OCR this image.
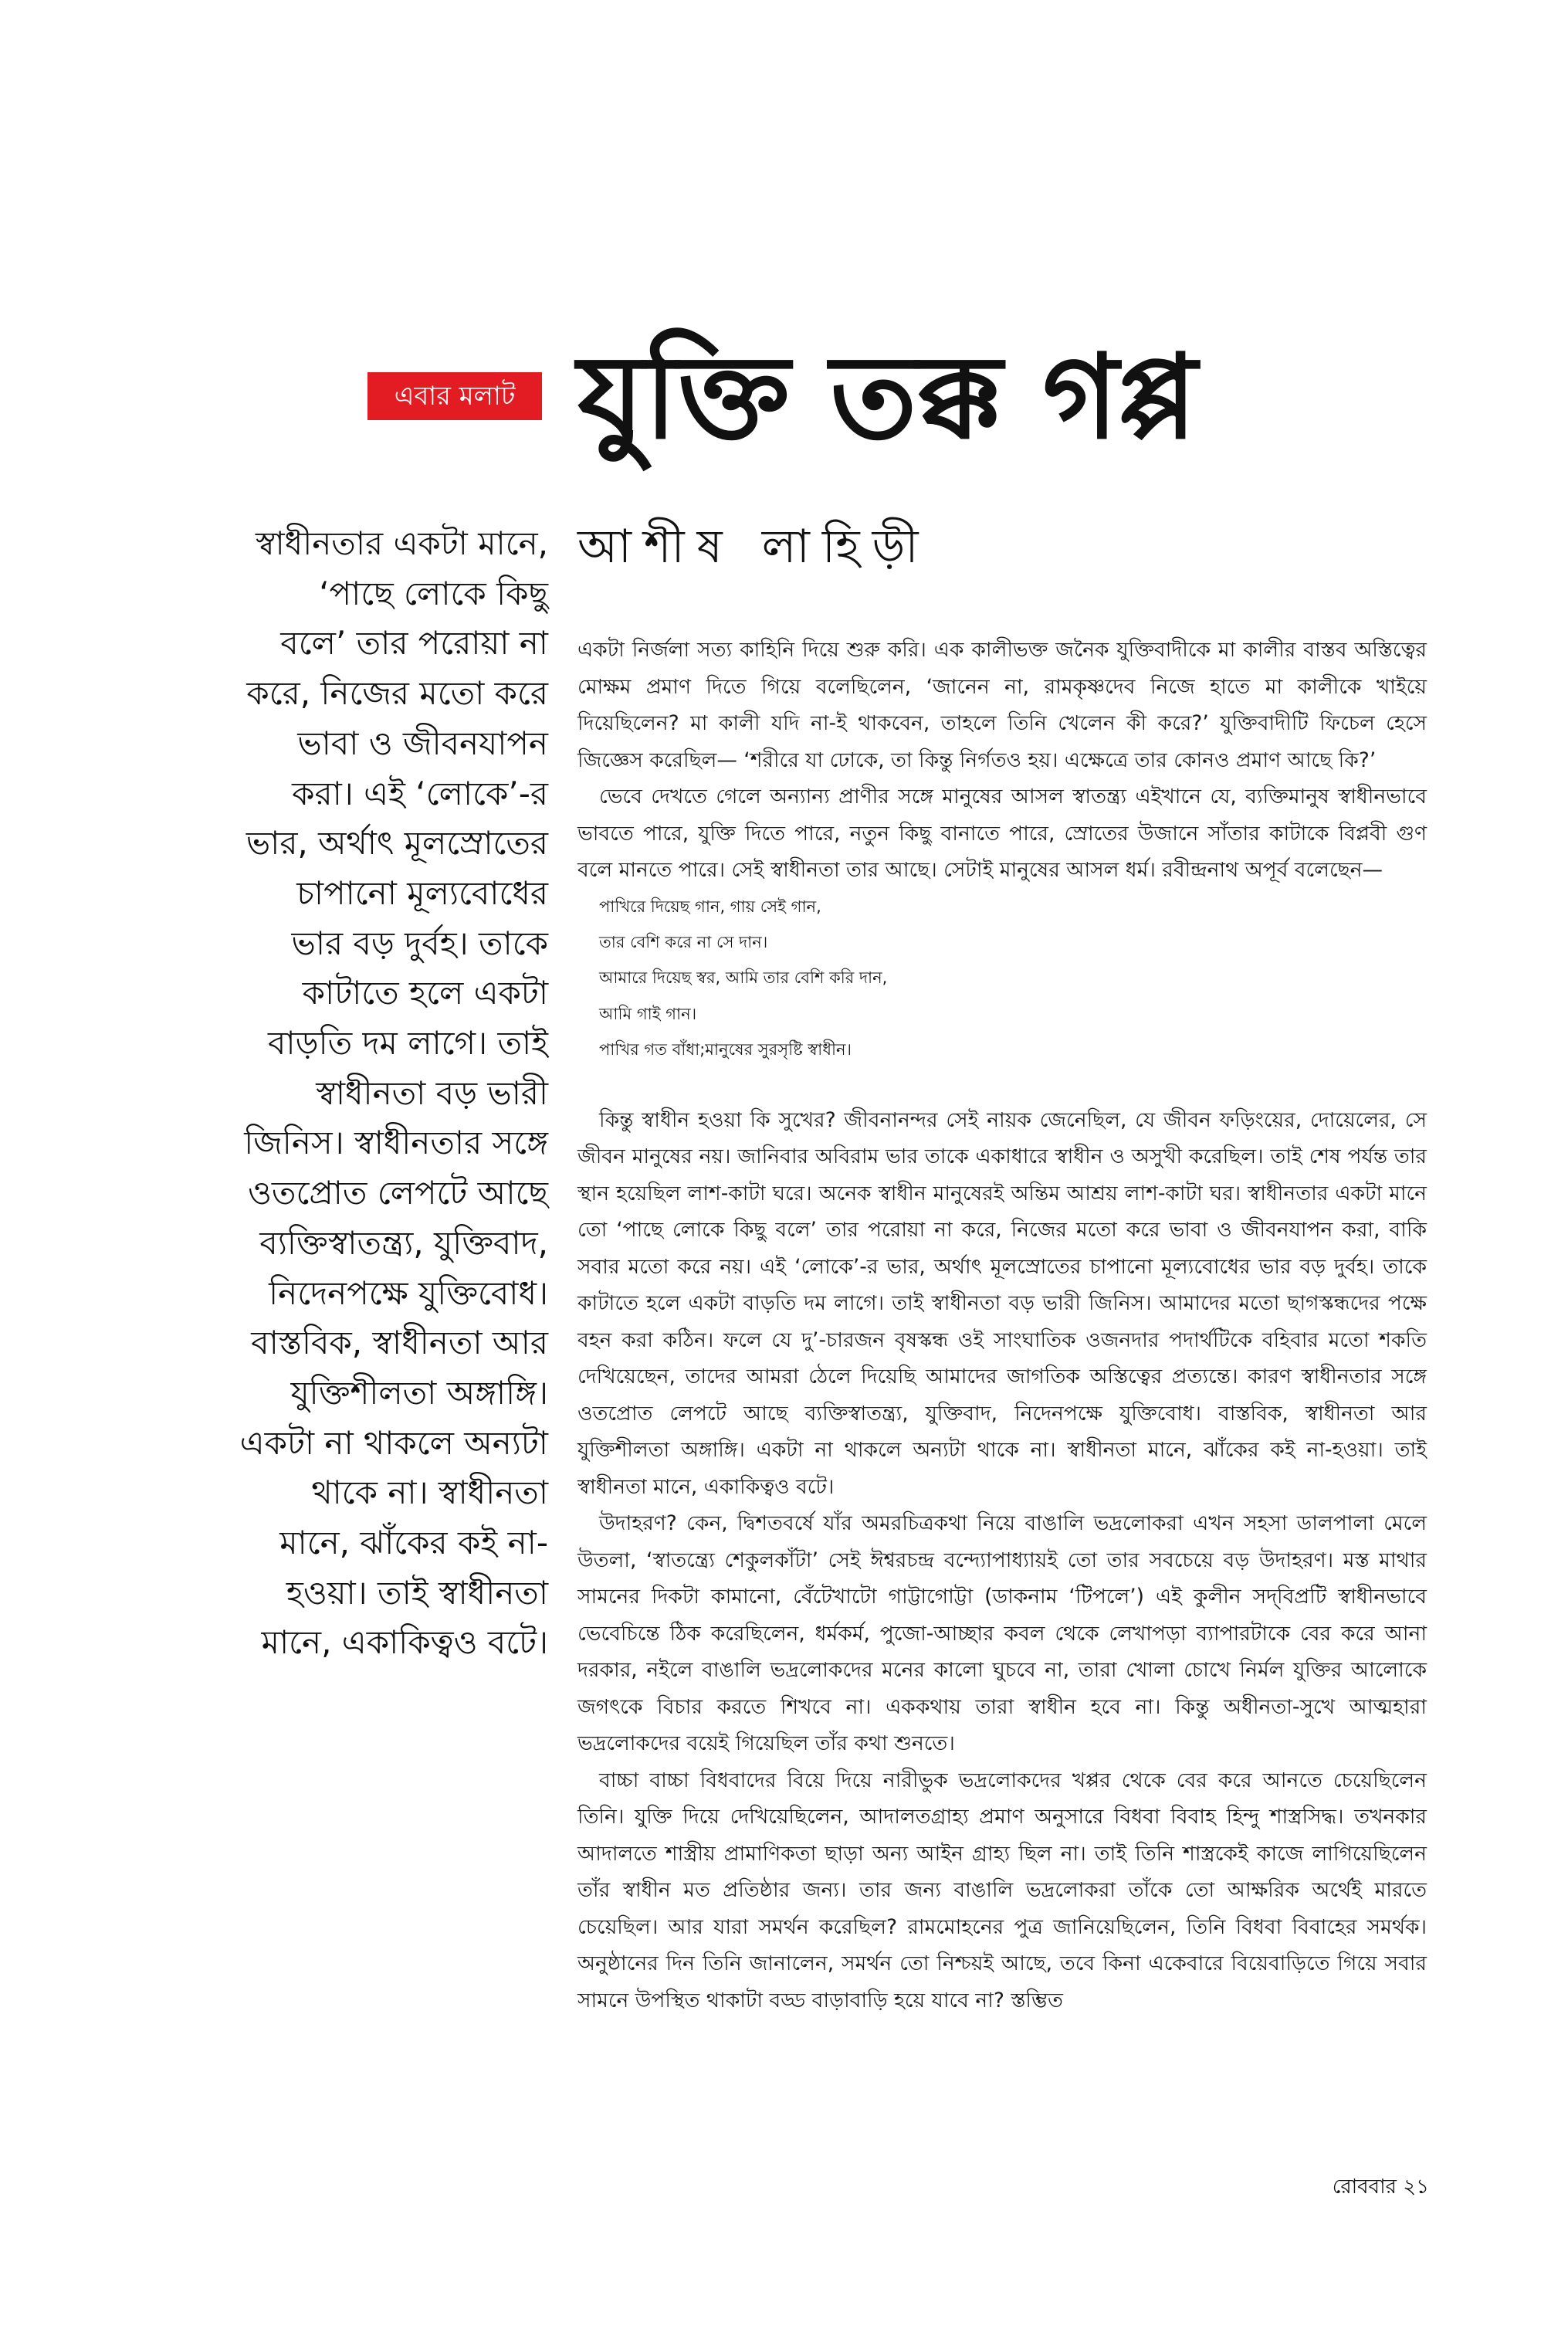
এবার মলাট যুক্তি তক্ক গপ্প
আশীষ লাহিড়ী
স্বাধীনতার একটা মানে,
‘পাছে লোকে কিছু
বলে’ তার পরোয়া না
করে, নিজের মতো করে
ভাবা ও জীবনযাপন
করা। এই ‘লোকে’-র
ভার, অর্থাৎ মূলস্রোতের
চাপানো মূল্যবোধের
ভার বড় দুর্বহ। তাকে
কাটাতে হলে একটা
বাড়তি দম লাগে। তাই
স্বাধীনতা বড় ভারী
জিনিস। স্বাধীনতার সঙ্গে
ওতপ্রোত লেপটে আছে
ব্যক্তিস্বাতন্ত্র্য, যুক্তিবাদ,
নিদেনপক্ষে যুক্তিবোধ।
বাস্তবিক, স্বাধীনতা আর
যুক্তিশীলতা অঙ্গাঙ্গি।
একটা না থাকলে অন্যটা
থাকে না। স্বাধীনতা
মানে, ঝাঁকের কই না-
হওয়া। তাই স্বাধীনতা
মানে, একাকিত্বও বটে।

একটা নির্জলা সত্য কাহিনি দিয়ে শুরু করি। এক কালীভক্ত জনৈক যুক্তিবাদীকে মা কালীর বাস্তব অস্তিত্বের মোক্ষম প্রমাণ দিতে গিয়ে বলেছিলেন, ‘জানেন না, রামকৃষ্ণদেব নিজে হাতে মা কালীকে খাইয়ে দিয়েছিলেন? মা কালী যদি না-ই থাকবেন, তাহলে তিনি খেলেন কী করে?’ যুক্তিবাদীটি ফিচেল হেসে জিজ্ঞেস করেছিল— ‘শরীরে যা ঢোকে, তা কিন্তু নির্গতও হয়। এক্ষেত্রে তার কোনও প্রমাণ আছে কি?’

ভেবে দেখতে গেলে অন্যান্য প্রাণীর সঙ্গে মানুষের আসল স্বাতন্ত্র্য এইখানে যে, ব্যক্তিমানুষ স্বাধীনভাবে ভাবতে পারে, যুক্তি দিতে পারে, নতুন কিছু বানাতে পারে, স্রোতের উজানে সাঁতার কাটাকে বিপ্লবী গুণ বলে মানতে পারে। সেই স্বাধীনতা তার আছে। সেটাই মানুষের আসল ধর্ম। রবীন্দ্রনাথ অপূর্ব বলেছেন—

পাখিরে দিয়েছ গান, গায় সেই গান,
তার বেশি করে না সে দান।
আমারে দিয়েছ স্বর, আমি তার বেশি করি দান,
আমি গাই গান।
পাখির গত বাঁধা;মানুষের সুরসৃষ্টি স্বাধীন।

কিন্তু স্বাধীন হওয়া কি সুখের? জীবনানন্দর সেই নায়ক জেনেছিল, যে জীবন ফড়িংয়ের, দোয়েলের, সে জীবন মানুষের নয়। জানিবার অবিরাম ভার তাকে একাধারে স্বাধীন ও অসুখী করেছিল। তাই শেষ পর্যন্ত তার স্থান হয়েছিল লাশ-কাটা ঘরে। অনেক স্বাধীন মানুষেরই অন্তিম আশ্রয় লাশ-কাটা ঘর। স্বাধীনতার একটা মানে তো ‘পাছে লোকে কিছু বলে’ তার পরোয়া না করে, নিজের মতো করে ভাবা ও জীবনযাপন করা, বাকি সবার মতো করে নয়। এই ‘লোকে’-র ভার, অর্থাৎ মূলস্রোতের চাপানো মূল্যবোধের ভার বড় দুর্বহ। তাকে কাটাতে হলে একটা বাড়তি দম লাগে। তাই স্বাধীনতা বড় ভারী জিনিস। আমাদের মতো ছাগস্কন্ধদের পক্ষে বহন করা কঠিন। ফলে যে দু’-চারজন বৃষস্কন্ধ ওই সাংঘাতিক ওজনদার পদার্থটিকে বহিবার মতো শকতি দেখিয়েছেন, তাদের আমরা ঠেলে দিয়েছি আমাদের জাগতিক অস্তিত্বের প্রত্যন্তে। কারণ স্বাধীনতার সঙ্গে ওতপ্রোত লেপটে আছে ব্যক্তিস্বাতন্ত্র্য, যুক্তিবাদ, নিদেনপক্ষে যুক্তিবোধ। বাস্তবিক, স্বাধীনতা আর যুক্তিশীলতা অঙ্গাঙ্গি। একটা না থাকলে অন্যটা থাকে না। স্বাধীনতা মানে, ঝাঁকের কই না-হওয়া। তাই স্বাধীনতা মানে, একাকিত্বও বটে।

উদাহরণ? কেন, দ্বিশতবর্ষে যাঁর অমরচিত্রকথা নিয়ে বাঙালি ভদ্রলোকরা এখন সহসা ডালপালা মেলে উতলা, ‘স্বাতন্ত্র্যে শেকুলকাঁটা’ সেই ঈশ্বরচন্দ্র বন্দ্যোপাধ্যায়ই তো তার সবচেয়ে বড় উদাহরণ। মস্ত মাথার সামনের দিকটা কামানো, বেঁটেখাটো গাট্টাগোট্টা (ডাকনাম ‘টিপলে’) এই কুলীন সদ্‌বিপ্রটি স্বাধীনভাবে ভেবেচিন্তে ঠিক করেছিলেন, ধর্মকর্ম, পুজো-আচ্ছার কবল থেকে লেখাপড়া ব্যাপারটাকে বের করে আনা দরকার, নইলে বাঙালি ভদ্রলোকদের মনের কালো ঘুচবে না, তারা খোলা চোখে নির্মল যুক্তির আলোকে জগৎকে বিচার করতে শিখবে না। এককথায় তারা স্বাধীন হবে না। কিন্তু অধীনতা-সুখে আত্মহারা ভদ্রলোকদের বয়েই গিয়েছিল তাঁর কথা শুনতে।

বাচ্চা বাচ্চা বিধবাদের বিয়ে দিয়ে নারীভুক ভদ্রলোকদের খপ্পর থেকে বের করে আনতে চেয়েছিলেন তিনি। যুক্তি দিয়ে দেখিয়েছিলেন, আদালতগ্রাহ্য প্রমাণ অনুসারে বিধবা বিবাহ হিন্দু শাস্ত্রসিদ্ধ। তখনকার আদালতে শাস্ত্রীয় প্রামাণিকতা ছাড়া অন্য আইন গ্রাহ্য ছিল না। তাই তিনি শাস্ত্রকেই কাজে লাগিয়েছিলেন তাঁর স্বাধীন মত প্রতিষ্ঠার জন্য। তার জন্য বাঙালি ভদ্রলোকরা তাঁকে তো আক্ষরিক অর্থেই মারতে চেয়েছিল। আর যারা সমর্থন করেছিল? রামমোহনের পুত্র জানিয়েছিলেন, তিনি বিধবা বিবাহের সমর্থক। অনুষ্ঠানের দিন তিনি জানালেন, সমর্থন তো নিশ্চয়ই আছে, তবে কিনা একেবারে বিয়েবাড়িতে গিয়ে সবার সামনে উপস্থিত থাকাটা বড্ড বাড়াবাড়ি হয়ে যাবে না? স্তম্ভিত

রোববার ২১
